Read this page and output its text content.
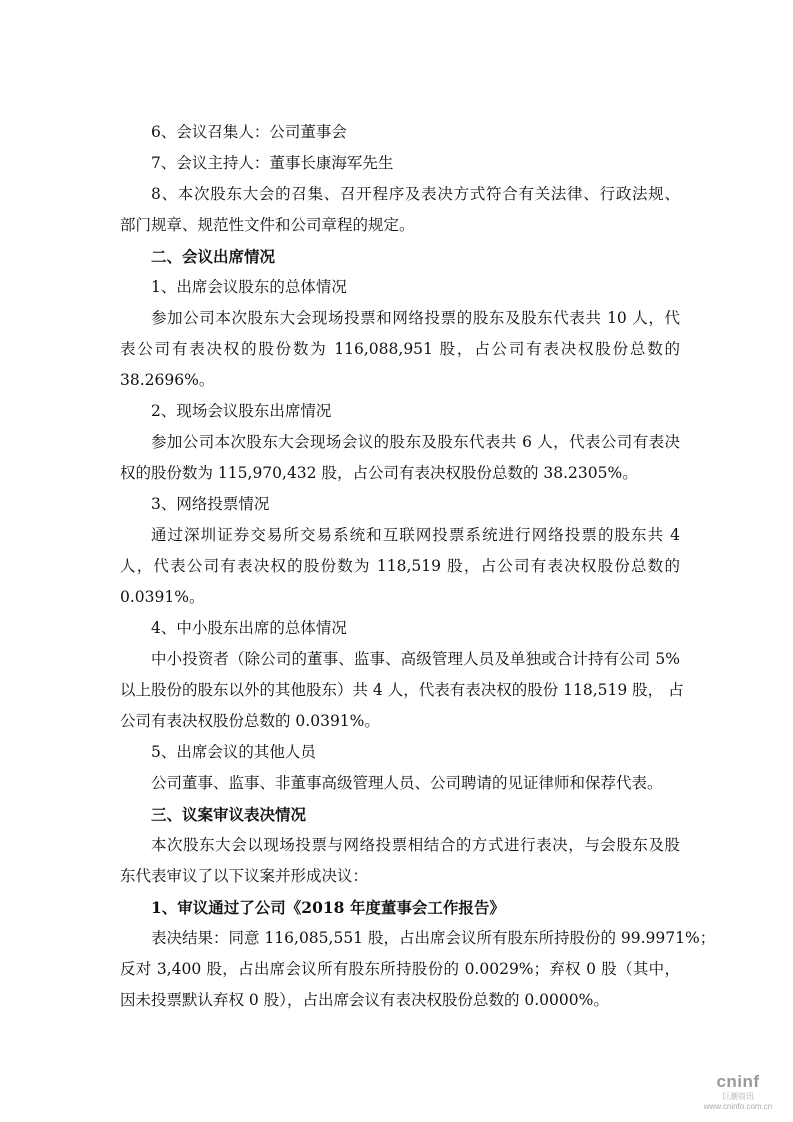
6、会议召集人：公司董事会
7、会议主持人：董事长康海军先生
8、本次股东大会的召集、召开程序及表决方式符合有关法律、行政法规、
部门规章、规范性文件和公司章程的规定。
二、会议出席情况
1、出席会议股东的总体情况
参加公司本次股东大会现场投票和网络投票的股东及股东代表共 10 人，代
表公司有表决权的股份数为 116,088,951 股，占公司有表决权股份总数的
38.2696%。
2、现场会议股东出席情况
参加公司本次股东大会现场会议的股东及股东代表共 6 人，代表公司有表决
权的股份数为 115,970,432 股，占公司有表决权股份总数的 38.2305%。
3、网络投票情况
通过深圳证券交易所交易系统和互联网投票系统进行网络投票的股东共 4
人，代表公司有表决权的股份数为 118,519 股，占公司有表决权股份总数的
0.0391%。
4、中小股东出席的总体情况
中小投资者（除公司的董事、监事、高级管理人员及单独或合计持有公司 5%
以上股份的股东以外的其他股东）共 4 人，代表有表决权的股份 118,519 股， 占
公司有表决权股份总数的 0.0391%。
5、出席会议的其他人员
公司董事、监事、非董事高级管理人员、公司聘请的见证律师和保荐代表。
三、议案审议表决情况
本次股东大会以现场投票与网络投票相结合的方式进行表决，与会股东及股
东代表审议了以下议案并形成决议：
1、审议通过了公司《2018 年度董事会工作报告》
表决结果：同意 116,085,551 股，占出席会议所有股东所持股份的 99.9971%；
反对 3,400 股，占出席会议所有股东所持股份的 0.0029%；弃权 0 股（其中，
因未投票默认弃权 0 股），占出席会议有表决权股份总数的 0.0000%。
cninf
巨潮资讯
www.cninfo.com.cn
